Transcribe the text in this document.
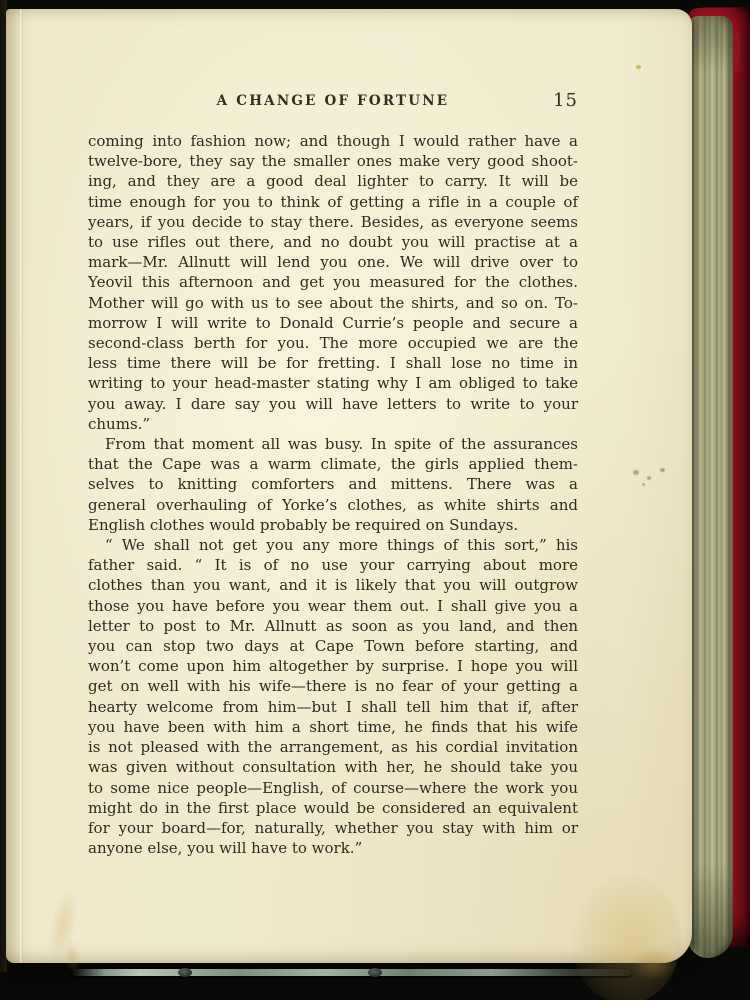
A CHANGE OF FORTUNE	15
coming into fashion now; and though I would rather have a
twelve-bore, they say the smaller ones make very good shoot-
ing, and they are a good deal lighter to carry. It will be
time enough for you to think of getting a rifle in a couple of
years, if you decide to stay there. Besides, as everyone seems
to use rifles out there, and no doubt you will practise at a
mark—Mr. Allnutt will lend you one. We will drive over to
Yeovil this afternoon and get you measured for the clothes.
Mother will go with us to see about the shirts, and so on. To-
morrow I will write to Donald Currie’s people and secure a
second-class berth for you. The more occupied we are the
less time there will be for fretting. I shall lose no time in
writing to your head-master stating why I am obliged to take
you away. I dare say you will have letters to write to your
chums.”
From that moment all was busy. In spite of the assurances
that the Cape was a warm climate, the girls applied them-
selves to knitting comforters and mittens. There was a
general overhauling of Yorke’s clothes, as white shirts and
English clothes would probably be required on Sundays.
“ We shall not get you any more things of this sort,” his
father said. “ It is of no use your carrying about more
clothes than you want, and it is likely that you will outgrow
those you have before you wear them out. I shall give you a
letter to post to Mr. Allnutt as soon as you land, and then
you can stop two days at Cape Town before starting, and
won’t come upon him altogether by surprise. I hope you will
get on well with his wife—there is no fear of your getting a
hearty welcome from him—but I shall tell him that if, after
you have been with him a short time, he finds that his wife
is not pleased with the arrangement, as his cordial invitation
was given without consultation with her, he should take you
to some nice people—English, of course—where the work you
might do in the first place would be considered an equivalent
for your board—for, naturally, whether you stay with him or
anyone else, you will have to work.”
